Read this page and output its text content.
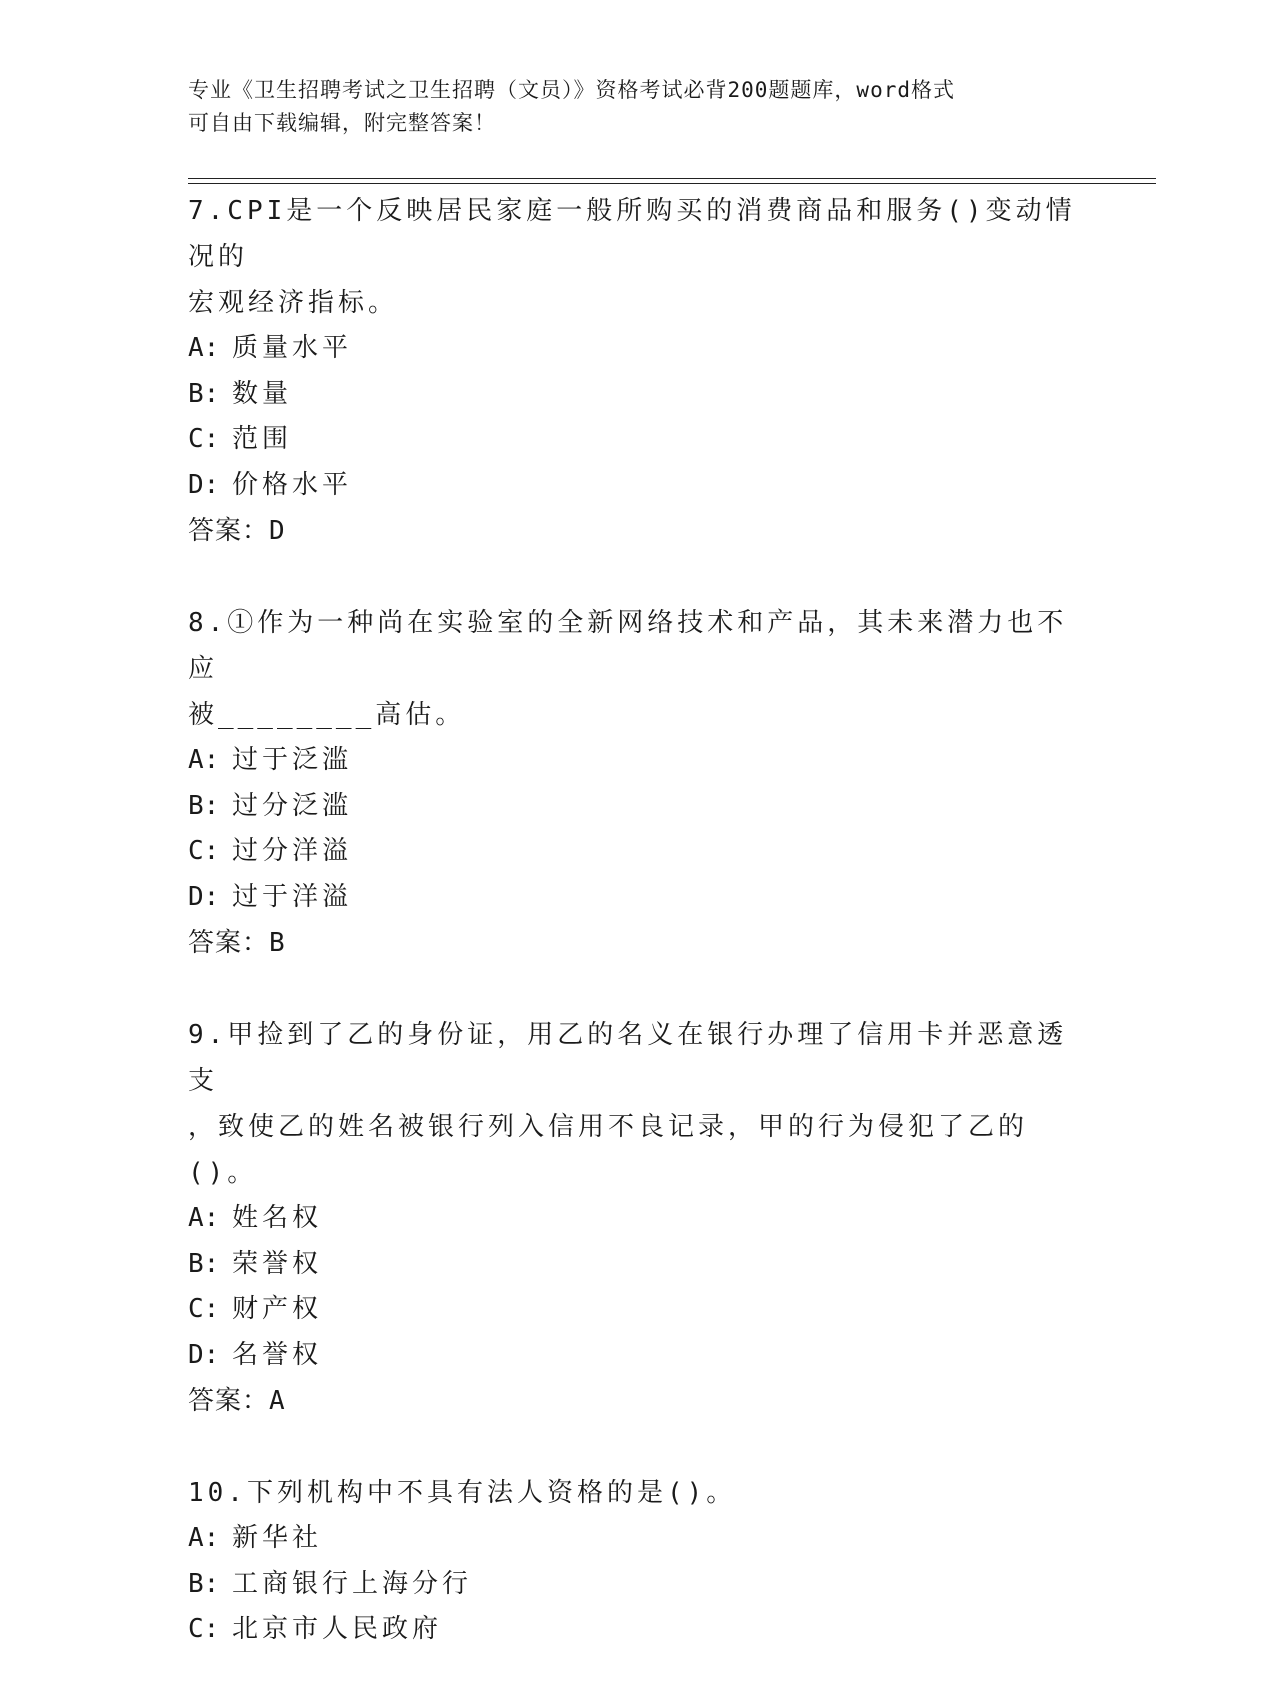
专业《卫生招聘考试之卫生招聘（文员）》资格考试必背200题题库，word格式
可自由下载编辑，附完整答案！
7.CPI是一个反映居民家庭一般所购买的消费商品和服务()变动情况的
宏观经济指标。
A: 质量水平
B: 数量
C: 范围
D: 价格水平
答案：D
8.①作为一种尚在实验室的全新网络技术和产品，其未来潜力也不应
被________高估。
A: 过于泛滥
B: 过分泛滥
C: 过分洋溢
D: 过于洋溢
答案：B
9.甲捡到了乙的身份证，用乙的名义在银行办理了信用卡并恶意透支
，致使乙的姓名被银行列入信用不良记录，甲的行为侵犯了乙的()。
A: 姓名权
B: 荣誉权
C: 财产权
D: 名誉权
答案：A
10.下列机构中不具有法人资格的是()。
A: 新华社
B: 工商银行上海分行
C: 北京市人民政府
